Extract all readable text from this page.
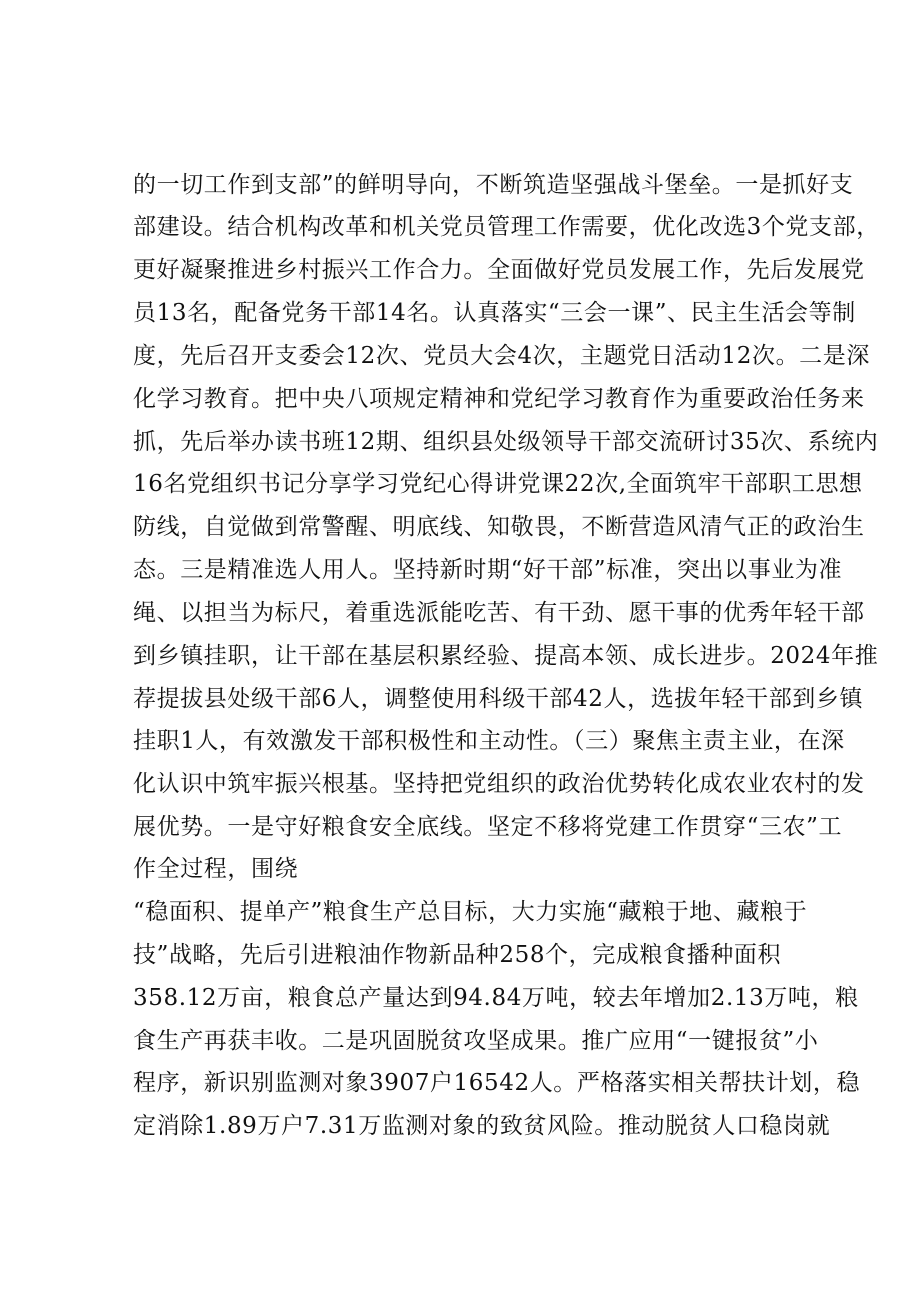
的一切工作到支部”的鲜明导向，不断筑造坚强战斗堡垒。一是抓好支
部建设。结合机构改革和机关党员管理工作需要，优化改选3个党支部，
更好凝聚推进乡村振兴工作合力。全面做好党员发展工作，先后发展党
员13名，配备党务干部14名。认真落实“三会一课”、民主生活会等制
度，先后召开支委会12次、党员大会4次，主题党日活动12次。二是深
化学习教育。把中央八项规定精神和党纪学习教育作为重要政治任务来
抓，先后举办读书班12期、组织县处级领导干部交流研讨35次、系统内
16名党组织书记分享学习党纪心得讲党课22次,全面筑牢干部职工思想
防线，自觉做到常警醒、明底线、知敬畏，不断营造风清气正的政治生
态。三是精准选人用人。坚持新时期“好干部”标准，突出以事业为准
绳、以担当为标尺，着重选派能吃苦、有干劲、愿干事的优秀年轻干部
到乡镇挂职，让干部在基层积累经验、提高本领、成长进步。2024年推
荐提拔县处级干部6人，调整使用科级干部42人，选拔年轻干部到乡镇
挂职1人，有效激发干部积极性和主动性。（三）聚焦主责主业，在深
化认识中筑牢振兴根基。坚持把党组织的政治优势转化成农业农村的发
展优势。一是守好粮食安全底线。坚定不移将党建工作贯穿“三农”工
作全过程，围绕
“稳面积、提单产”粮食生产总目标，大力实施“藏粮于地、藏粮于
技”战略，先后引进粮油作物新品种258个，完成粮食播种面积
358.12万亩，粮食总产量达到94.84万吨，较去年增加2.13万吨，粮
食生产再获丰收。二是巩固脱贫攻坚成果。推广应用“一键报贫”小
程序，新识别监测对象3907户16542人。严格落实相关帮扶计划，稳
定消除1.89万户7.31万监测对象的致贫风险。推动脱贫人口稳岗就
